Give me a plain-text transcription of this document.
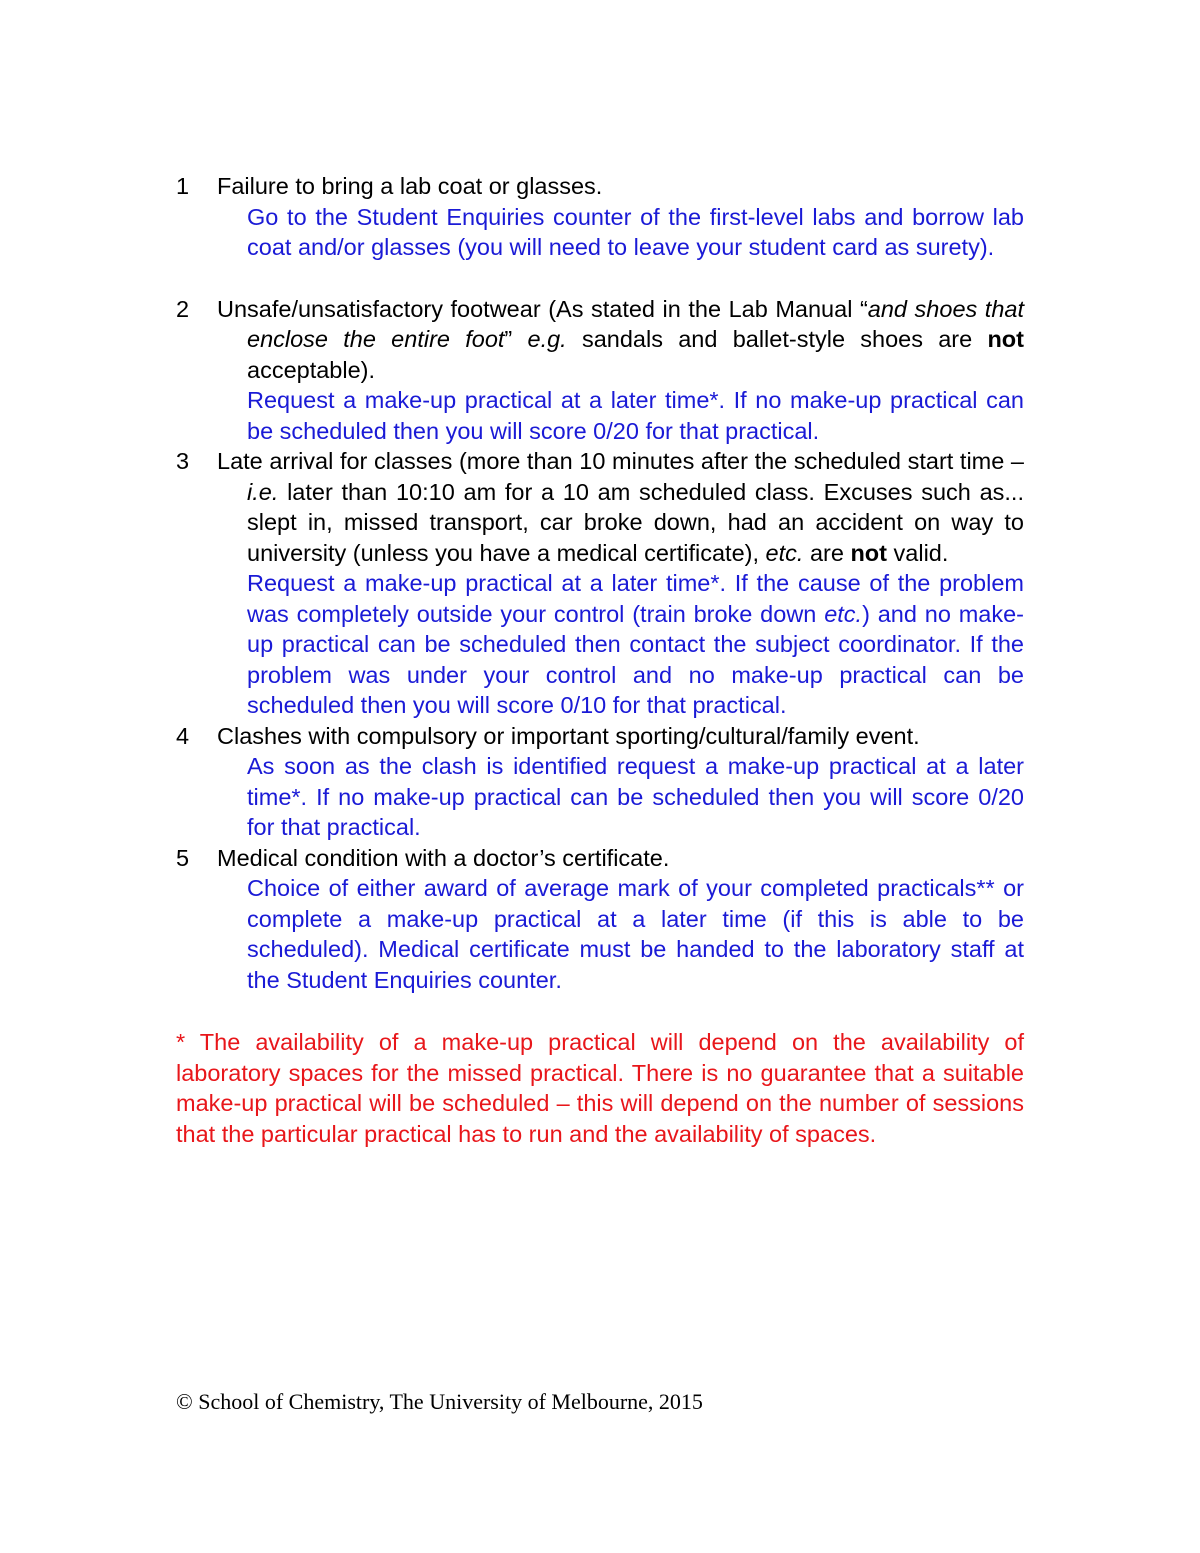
1	Failure to bring a lab coat or glasses.
Go to the Student Enquiries counter of the first-level labs and borrow lab coat and/or glasses (you will need to leave your student card as surety).
2	Unsafe/unsatisfactory footwear (As stated in the Lab Manual “and shoes that enclose the entire foot” e.g. sandals and ballet-style shoes are not acceptable).
Request a make-up practical at a later time*. If no make-up practical can be scheduled then you will score 0/20 for that practical.
3	Late arrival for classes (more than 10 minutes after the scheduled start time – i.e. later than 10:10 am for a 10 am scheduled class. Excuses such as... slept in, missed transport, car broke down, had an accident on way to university (unless you have a medical certificate), etc. are not valid.
Request a make-up practical at a later time*. If the cause of the problem was completely outside your control (train broke down etc.) and no make-up practical can be scheduled then contact the subject coordinator. If the problem was under your control and no make-up practical can be scheduled then you will score 0/10 for that practical.
4	Clashes with compulsory or important sporting/cultural/family event.
As soon as the clash is identified request a make-up practical at a later time*. If no make-up practical can be scheduled then you will score 0/20 for that practical.
5	Medical condition with a doctor’s certificate.
Choice of either award of average mark of your completed practicals** or complete a make-up practical at a later time (if this is able to be scheduled). Medical certificate must be handed to the laboratory staff at the Student Enquiries counter.
* The availability of a make-up practical will depend on the availability of laboratory spaces for the missed practical. There is no guarantee that a suitable make-up practical will be scheduled – this will depend on the number of sessions that the particular practical has to run and the availability of spaces.
© School of Chemistry, The University of Melbourne, 2015
